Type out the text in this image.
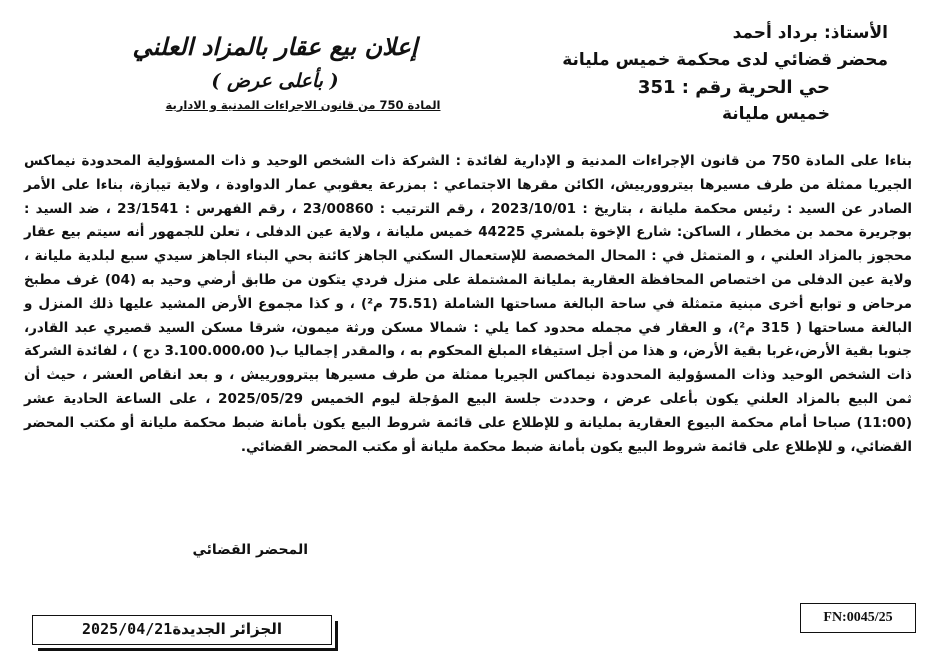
الأستاذ: برداد أحمد
محضر قضائي لدى محكمة خميس مليانة
حي الحرية رقم : 351
خميس مليانة
إعلان بيع عقار بالمزاد العلني
( بأعلى عرض )
المادة 750 من قانون الاجراءات المدنية و الادارية

بناءا على المادة 750 من قانون الإجراءات المدنية و الإدارية لفائدة : الشركة ذات الشخص الوحيد و ذات المسؤولية المحدودة نيماكس الجيريا ممثلة من طرف مسيرها بيتروورييش، الكائن مقرها الاجتماعي : بمزرعة يعقوبي عمار الدواودة ، ولاية تيبازة، بناءا على الأمر الصادر عن السيد : رئيس محكمة مليانة ، بتاريخ : 2023/10/01 ، رقم الترتيب : 23/00860 ، رقم الفهرس : 23/1541 ، ضد السيد : بوجريرة محمد بن مخطار ، الساكن: شارع الإخوة بلمشري 44225 خميس مليانة ، ولاية عين الدفلى ، تعلن للجمهور أنه سيتم بيع عقار محجوز بالمزاد العلني ، و المتمثل في : المحال المخصصة للإستعمال السكني الجاهز كائنة بحي البناء الجاهز سيدي سبع لبلدية مليانة ، ولاية عين الدفلى من اختصاص المحافظة العقارية بمليانة المشتملة على منزل فردي يتكون من طابق أرضي وحيد به (04) غرف مطبخ مرحاض و توابع أخرى مبنية متمثلة في ساحة البالغة مساحتها الشاملة (75.51 م²) ، و كذا مجموع الأرض المشيد عليها ذلك المنزل و البالغة مساحتها ( 315 م²)، و العقار في مجمله محدود كما يلي : شمالا مسكن ورثة ميمون، شرقا مسكن السيد قصيري عبد القادر، جنوبا بقية الأرض،غربا بقية الأرض، و هذا من أجل استيفاء المبلغ المحكوم به ، والمقدر إجماليا ب( 3.100.000،00 دج ) ، لفائدة الشركة ذات الشخص الوحيد وذات المسؤولية المحدودة نيماكس الجيريا ممثلة من طرف مسيرها بيتروورييش ، و بعد انقاص العشر ، حيث أن ثمن البيع بالمزاد العلني يكون بأعلى عرض ، وحددت جلسة البيع المؤجلة ليوم الخميس 2025/05/29 ، على الساعة الحادية عشر (11:00) صباحا أمام محكمة البيوع العقارية بمليانة و للإطلاع على قائمة شروط البيع يكون بأمانة ضبط محكمة مليانة أو مكتب المحضر القضائي، و للإطلاع على قائمة شروط البيع يكون بأمانة ضبط محكمة مليانة أو مكتب المحضر القضائي.

المحضر القضائي
FN:0045/25
الجزائر الجديدة2025/04/21
